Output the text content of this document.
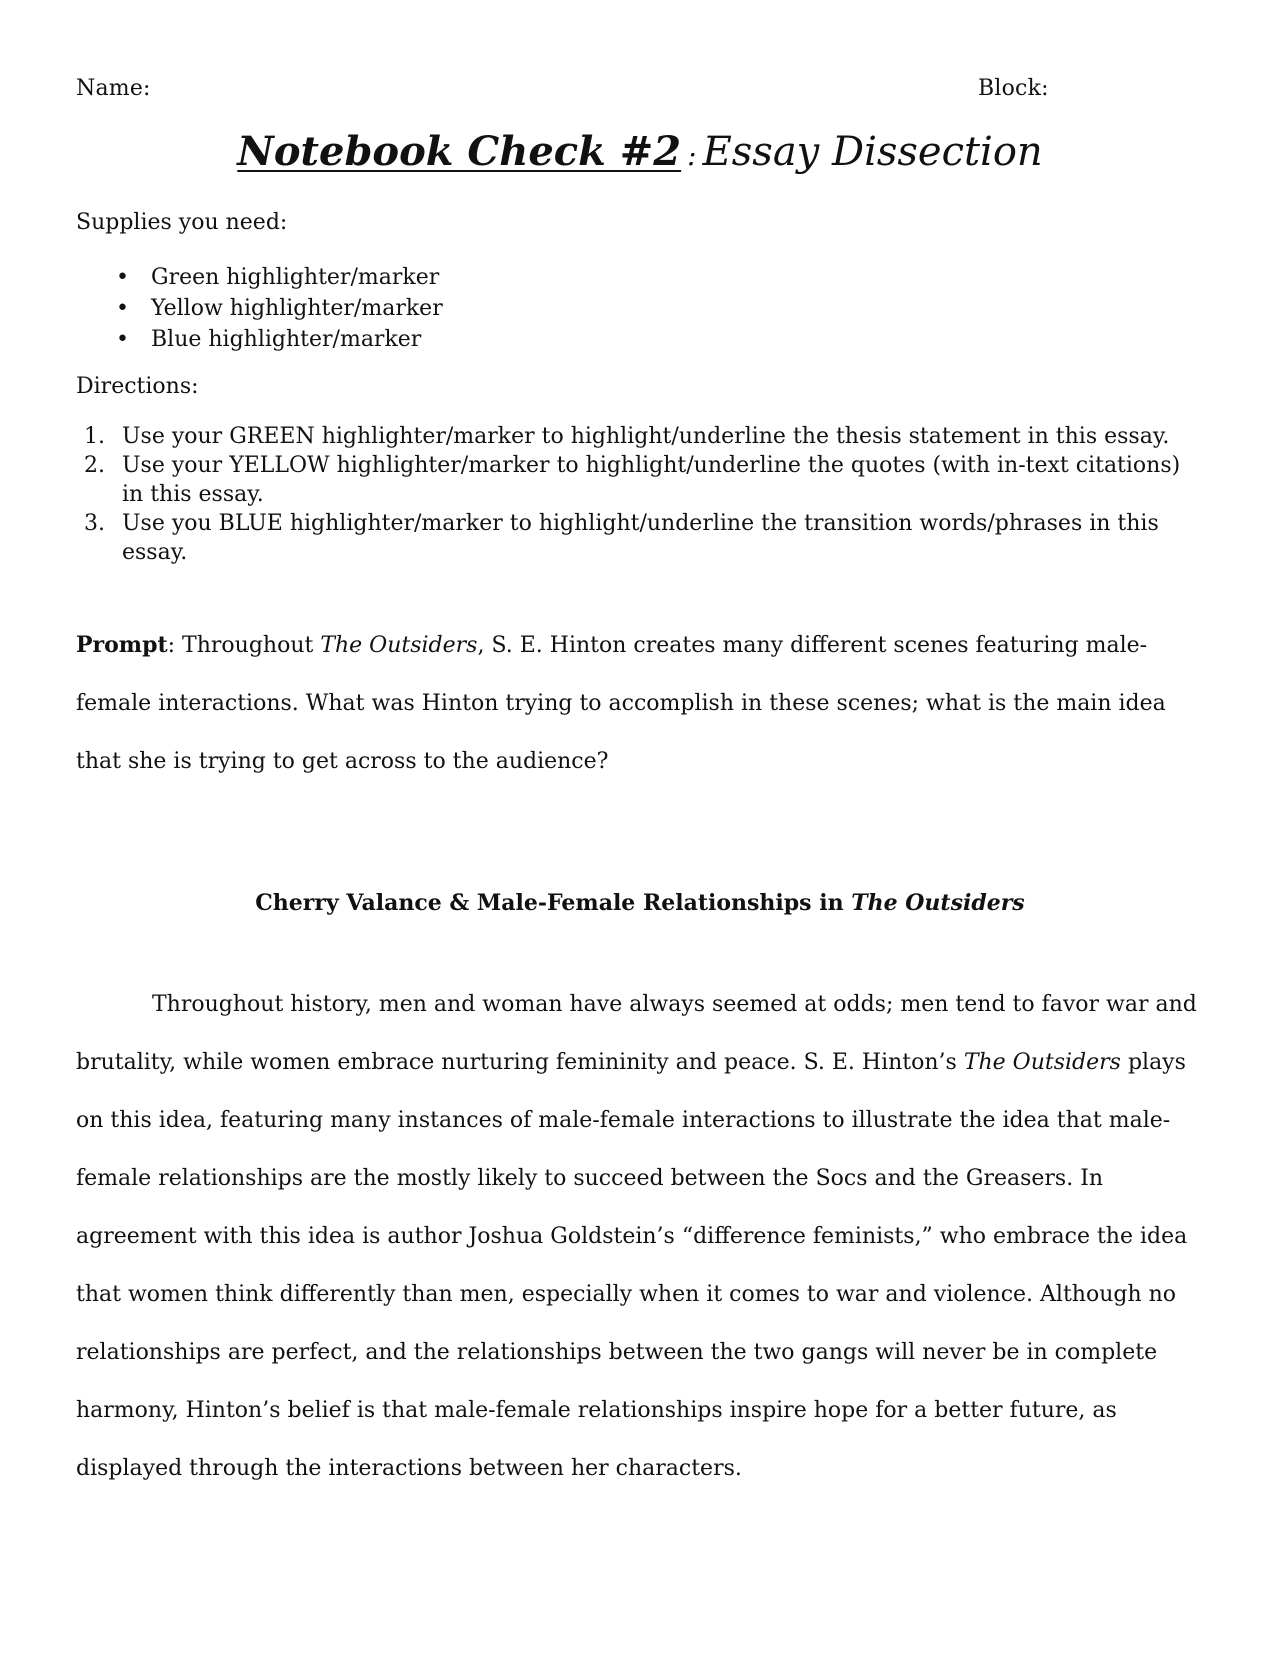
Name:	Block:
Notebook Check #2 : Essay Dissection
Supplies you need:
• Green highlighter/marker
• Yellow highlighter/marker
• Blue highlighter/marker
Directions:
1. Use your GREEN highlighter/marker to highlight/underline the thesis statement in this essay.
2. Use your YELLOW highlighter/marker to highlight/underline the quotes (with in-text citations) in this essay.
3. Use you BLUE highlighter/marker to highlight/underline the transition words/phrases in this essay.
Prompt: Throughout The Outsiders, S. E. Hinton creates many different scenes featuring male-female interactions. What was Hinton trying to accomplish in these scenes; what is the main idea that she is trying to get across to the audience?
Cherry Valance & Male-Female Relationships in The Outsiders
Throughout history, men and woman have always seemed at odds; men tend to favor war and brutality, while women embrace nurturing femininity and peace. S. E. Hinton’s The Outsiders plays on this idea, featuring many instances of male-female interactions to illustrate the idea that male-female relationships are the mostly likely to succeed between the Socs and the Greasers. In agreement with this idea is author Joshua Goldstein’s “difference feminists,” who embrace the idea that women think differently than men, especially when it comes to war and violence. Although no relationships are perfect, and the relationships between the two gangs will never be in complete harmony, Hinton’s belief is that male-female relationships inspire hope for a better future, as displayed through the interactions between her characters.
